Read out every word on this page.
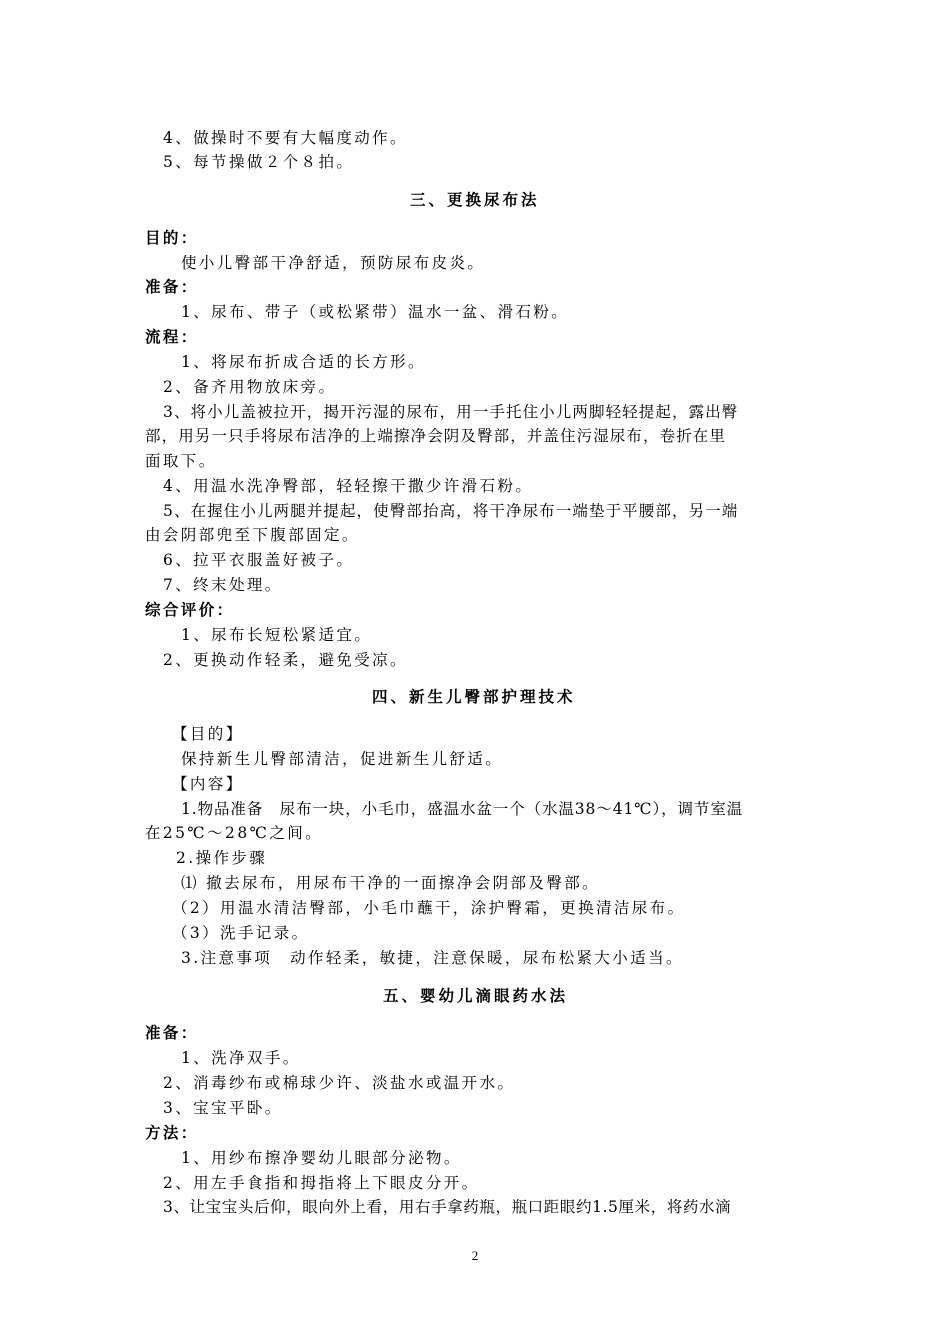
4、做操时不要有大幅度动作。
5、每节操做２个８拍。
三、更换尿布法
目的：
使小儿臀部干净舒适，预防尿布皮炎。
准备：
1、尿布、带子（或松紧带）温水一盆、滑石粉。
流程：
1、将尿布折成合适的长方形。
2、备齐用物放床旁。
3、将小儿盖被拉开，揭开污湿的尿布，用一手托住小儿两脚轻轻提起，露出臀
部，用另一只手将尿布洁净的上端擦净会阴及臀部，并盖住污湿尿布，卷折在里
面取下。
4、用温水洗净臀部，轻轻擦干撒少许滑石粉。
5、在握住小儿两腿并提起，使臀部抬高，将干净尿布一端垫于平腰部，另一端
由会阴部兜至下腹部固定。
6、拉平衣服盖好被子。
7、终末处理。
综合评价：
1、尿布长短松紧适宜。
2、更换动作轻柔，避免受凉。
四、新生儿臀部护理技术
【目的】
保持新生儿臀部清洁，促进新生儿舒适。
【内容】
1.物品准备　尿布一块，小毛巾，盛温水盆一个（水温38～41℃），调节室温
在25℃～28℃之间。
2.操作步骤
⑴ 撤去尿布，用尿布干净的一面擦净会阴部及臀部。
（2）用温水清洁臀部，小毛巾蘸干，涂护臀霜，更换清洁尿布。
（3）洗手记录。
3.注意事项　动作轻柔，敏捷，注意保暖，尿布松紧大小适当。
五、婴幼儿滴眼药水法
准备：
1、洗净双手。
2、消毒纱布或棉球少许、淡盐水或温开水。
3、宝宝平卧。
方法：
1、用纱布擦净婴幼儿眼部分泌物。
2、用左手食指和拇指将上下眼皮分开。
3、让宝宝头后仰，眼向外上看，用右手拿药瓶，瓶口距眼约1.5厘米，将药水滴
2
